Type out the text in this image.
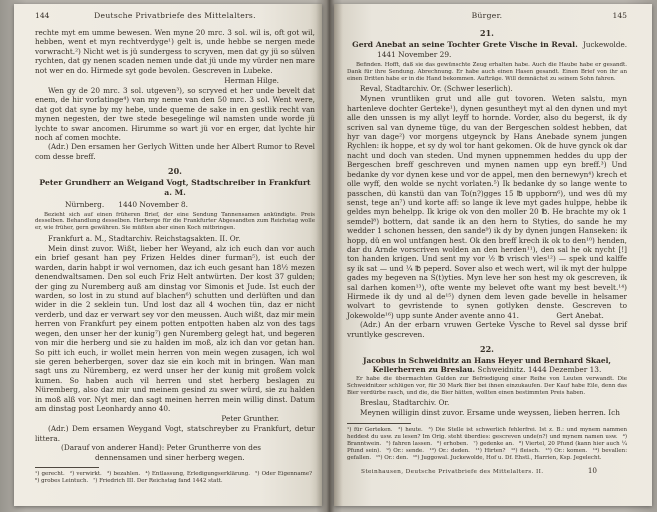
144	Deutsche Privatbriefe des Mittelalters.

rechte myt em umme bewesen. Wen myne 20 mrc. 3 sol. wil is, oft got wil, hebben, went et myn rechtverdyge¹) gelt is, unde hebbe se nergen mede vorwracht.²) Nicht wet is jü sundergess to scryven, men dat gy jü so sülven rychten, dat gy nenen scaden nemen unde dat jü unde my vürder nen mare not wer en do. Hirmede syt gode bevolen. Gescreven in Lubeke.

Herman Hilge.

Wen gy de 20 mrc. 3 sol. utgeven³), so scryved et her unde bevelt dat enem, de hir vorlatinge⁴) van my neme van den 50 mrc. 3 sol. Went were, dat got dat syne by my hebe, unde queme de sake in en gestlik recht van mynen negesten, der twe stede besegelinge wil namsten unde worde jü lychte to swar ancomen. Hirumme so wart jü vor en erger, dat lychte hir noch af comen mochte.

(Adr.) Den ersamen her Gerlych Witten unde her Albert Rumor to Revel com desse breff.

20.

Peter Grundherr an Weigand Vogt, Stadtschreiber in Frankfurt a. M.

Nürnberg. 1440 November 8.

Bezieht sich auf einen früheren Brief, der eine Sendung Tannensamen ankündigte. Preis desselben. Behandlung desselben. Herberge für die Frankfurter Abgesandten zum Reichstag wolle er, wie früher, gern gewähren. Sie müßten aber einen Koch mitbringen.

Frankfurt a. M., Stadtarchiv. Reichstagsakten. II. Or.

Mein dinst zuvor. Wißt, lieber her Weyand, alz ich euch dan vor auch ein brief gesant han pey Frizen Heldes diner furman⁵), ist euch der warden, darin habpt ir wol vernomen, daz ich euch gesant han 18½ mezen denendwaltsamen. Den sol euch Friz Helt antwürten. Der kost 37 gulden; der ging zu Nuremberg auß am dinstag vor Simonis et Jude. Ist euch der warden, so lost in zu stund auf blachen⁶) schutten und derlüften und dan wider in die 2 seklein tun. Und lost daz all 4 wochen tün, daz er nicht verderb, und daz er verwart sey vor den meussen. Auch wißt, daz mir mein herren von Frankfurt pey einem potten entpotten haben alz von des tags wegen, den unser her der kunig⁷) gen Nuremberg gelegt hat, und begeren von mir die herberg und sie zu halden im moß, alz ich dan vor getan han. So pitt ich euch, ir wollet mein herren von mein wegen zusagen, ich wol sie geren beherbergen, sover daz sie ein koch mit in bringen. Wan man sagt uns zu Nüremberg, ez werd unser her der kunig mit großem volck kumen. So haben auch vil herren und stet herberg beslagen zu Nüremberg, also daz mir und meinem gesind zu swer würd, sie zu halden in moß alß vor. Nyt mer, dan sagt meinen herren mein willig dinst. Datum am dinstag post Leonhardy anno 40.

Peter Grunther.

(Adr.) Dem ersamen Weygand Vogt, statschreyber zu Frankfurt, detur littera.

(Darauf von anderer Hand): Peter Gruntherre von des

dennensamen und siner herberg wegen.

¹) gerecht. ²) verwirkt. ³) bezahlen. ⁴) Entlassung, Erledigungserklärung. ⁵) Oder Eigenname? ⁶) grobes Leintuch. ⁷) Friedrich III. Der Reichstag fand 1442 statt.

Bürger.	145

21.

Gerd Anebat an seine Tochter Grete Vische in Reval. Juckewolde.

1441 November 29.

Befinden. Hofft, daß sie das gewünschte Zeug erhalten habe. Auch die Haube habe er gesandt. Dank für ihre Sendung. Abrechnung. Er habe auch einen Hasen gesandt. Einen Brief von ihr an einen Dritten habe er in die Hand bekommen. Aufträge. Will demnächst zu seinem Sohn fahren.

Reval, Stadtarchiv. Or. (Schwer leserlich).

Mynen vruntliken grut und alle gut tovoren. Weten salstu, myn hartenleve dochter Gerteke¹), dynen gesuntheyt myt al den dynen und myt alle den unssen is my allyt leyff to hornde. Vorder, also du begerst, ik dy scriven sal van dyneme tüge, du van der Bergeschen soldest hebben, dat hyr van dage²) vor morgens utgeynck by Hans Anebade synem jungen Rychlen: ik hoppe, et sy dy wol tor hant gekomen. Ok de huve gynck ok dar nacht und doch van steden. Und mynen uppnemmen heddes du upp der Bergeschen breff geschreven und mynen namen upp eyn breff.³) Und bedanke dy vor dynen kese und vor de appel, men den bernewyn⁴) krech et olle wyff, den wolde se nycht vorlaten.⁵) Ik bedanke dy so lange wente to passchen, dü kanstü dan van To(n?)gges 15 ℔ uppborn⁶), und wes dü my senst, tege an⁷) und korte aff: so lange ik leve myt gades hulppe, hebbe ik geldes myn behelpp. Ik krige ok von den moller 20 ℔. He brachte my ok 1 semdel⁸) bottern, dat sande ik an den hern to Styties, do sande he my wedder 1 schonen hessen, den sande⁹) ik dy by dynen jungen Hanseken: ik hopp, dü en wol untfangen hest. Ok den breff krech ik ok to den¹⁰) henden, dar du Arnde vorscriven wolden an den herden¹¹), den sal he ok nycht [!] ton handen krigen. Und sent my vor ½ ℔ vrisch vles¹²) — spek und kalffe sy ik sat — und ¼ ℔ peperd. Sover also et wech wert, wil ik myt der hulppe gades my begeven na S(t)yties. Myn leve her son hest my ok gescreven, ik sal darhen komen¹³), ofte wente my belevet ofte want my best bevelt.¹⁴) Hirmede ik dy und al de¹⁵) dynen dem leven gade bevelle in helsamer wolvart to gevristende to synen gotlyken denste. Gescreven to Jokewolde¹⁶) upp sunte Ander avente anno 41.	Gert Anebat.

(Adr.) An der erbarn vruwen Gerteke Vysche to Revel sal dysse brif vruntlyke gescreven.

22.

Jacobus in Schweidnitz an Hans Heyer und Bernhard Skael, Kellerherren zu Breslau. Schweidnitz. 1444 Dezember 13.

Er habe die übermachten Gulden zur Befriedigung einer Reihe von Leuten verwandt. Die Schweidnitzer schlügen vor, für 30 Mark Bier bei ihnen einzukaufen. Der Kauf habe Eile, denn das Bier verdürbe rasch, und die, die Bier hätten, wollten einen bestimmten Preis haben.

Breslau, Stadtarchiv. Or.

Meynen willigin dinst zuvor. Ersame unde weyssen, lieben herren. Ich

¹) für Gerteken. ²) heute. ³) Die Stelle ist schwerlich fehlerfrei. Ist z. B.: und mynem nammen heddest du usw. zu lesen? Im Orig. steht überdies: gescreven unde(n?) und mynem namen usw. ⁴) Branntwein. ⁵) fahren lassen. ⁶) erhoben. ⁷) gedenke an. ⁸) Viertel, 20 Pfund (kann hier auch ¼ Pfund sein). ⁹) Or.: sende. ¹⁰) Or.: deden. ¹¹) Hirten? ¹²) fleisch. ¹³) Or.: komen. ¹⁴) bevallen: gefallen. ¹⁵) Or.: den. ¹⁶) Juggowal. Juckewolde, Hof u. Df. Ehstl., Harrien, Ksp. Jegelecht.

Steinhausen, Deutsche Privatbriefe des Mittelalters. II.	10
